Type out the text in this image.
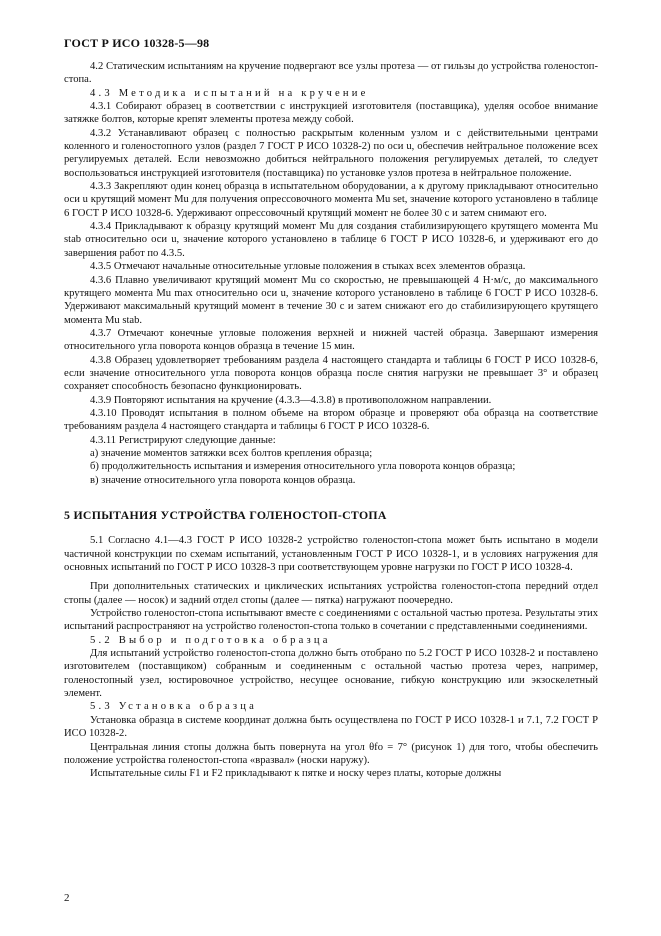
ГОСТ Р ИСО 10328-5—98

4.2 Статическим испытаниям на кручение подвергают все узлы протеза — от гильзы до устройства голеностоп-стопа.

4.3 Методика испытаний на кручение

4.3.1 Собирают образец в соответствии с инструкцией изготовителя (поставщика), уделяя особое внимание затяжке болтов, которые крепят элементы протеза между собой.

4.3.2 Устанавливают образец с полностью раскрытым коленным узлом и с действительными центрами коленного и голеностопного узлов (раздел 7 ГОСТ Р ИСО 10328-2) по оси u, обеспечив нейтральное положение всех регулируемых деталей. Если невозможно добиться нейтрального положения регулируемых деталей, то следует воспользоваться инструкцией изготовителя (поставщика) по установке узлов протеза в нейтральное положение.

4.3.3 Закрепляют один конец образца в испытательном оборудовании, а к другому прикладывают относительно оси u крутящий момент Mu для получения опрессовочного момента Mu set, значение которого установлено в таблице 6 ГОСТ Р ИСО 10328-6. Удерживают опрессовочный крутящий момент не более 30 с и затем снимают его.

4.3.4 Прикладывают к образцу крутящий момент Mu для создания стабилизирующего крутящего момента Mu stab относительно оси u, значение которого установлено в таблице 6 ГОСТ Р ИСО 10328-6, и удерживают его до завершения работ по 4.3.5.

4.3.5 Отмечают начальные относительные угловые положения в стыках всех элементов образца.

4.3.6 Плавно увеличивают крутящий момент Mu со скоростью, не превышающей 4 Н·м/с, до максимального крутящего момента Mu max относительно оси u, значение которого установлено в таблице 6 ГОСТ Р ИСО 10328-6. Удерживают максимальный крутящий момент в течение 30 с и затем снижают его до стабилизирующего крутящего момента Mu stab.

4.3.7 Отмечают конечные угловые положения верхней и нижней частей образца. Завершают измерения относительного угла поворота концов образца в течение 15 мин.

4.3.8 Образец удовлетворяет требованиям раздела 4 настоящего стандарта и таблицы 6 ГОСТ Р ИСО 10328-6, если значение относительного угла поворота концов образца после снятия нагрузки не превышает 3° и образец сохраняет способность безопасно функционировать.

4.3.9 Повторяют испытания на кручение (4.3.3—4.3.8) в противоположном направлении.

4.3.10 Проводят испытания в полном объеме на втором образце и проверяют оба образца на соответствие требованиям раздела 4 настоящего стандарта и таблицы 6 ГОСТ Р ИСО 10328-6.

4.3.11 Регистрируют следующие данные:

а) значение моментов затяжки всех болтов крепления образца;

б) продолжительность испытания и измерения относительного угла поворота концов образца;

в) значение относительного угла поворота концов образца.

5 ИСПЫТАНИЯ УСТРОЙСТВА ГОЛЕНОСТОП-СТОПА

5.1 Согласно 4.1—4.3 ГОСТ Р ИСО 10328-2 устройство голеностоп-стопа может быть испытано в модели частичной конструкции по схемам испытаний, установленным ГОСТ Р ИСО 10328-1, и в условиях нагружения для основных испытаний по ГОСТ Р ИСО 10328-3 при соответствующем уровне нагрузки по ГОСТ Р ИСО 10328-4.

При дополнительных статических и циклических испытаниях устройства голеностоп-стопа передний отдел стопы (далее — носок) и задний отдел стопы (далее — пятка) нагружают поочередно.

Устройство голеностоп-стопа испытывают вместе с соединениями с остальной частью протеза. Результаты этих испытаний распространяют на устройство голеностоп-стопа только в сочетании с представленными соединениями.

5.2 Выбор и подготовка образца

Для испытаний устройство голеностоп-стопа должно быть отобрано по 5.2 ГОСТ Р ИСО 10328-2 и поставлено изготовителем (поставщиком) собранным и соединенным с остальной частью протеза через, например, голеностопный узел, юстировочное устройство, несущее основание, гибкую конструкцию или экзоскелетный элемент.

5.3 Установка образца

Установка образца в системе координат должна быть осуществлена по ГОСТ Р ИСО 10328-1 и 7.1, 7.2 ГОСТ Р ИСО 10328-2.

Центральная линия стопы должна быть повернута на угол θfo = 7° (рисунок 1) для того, чтобы обеспечить положение устройства голеностоп-стопа «вразвал» (носки наружу).

Испытательные силы F1 и F2 прикладывают к пятке и носку через платы, которые должны

2
